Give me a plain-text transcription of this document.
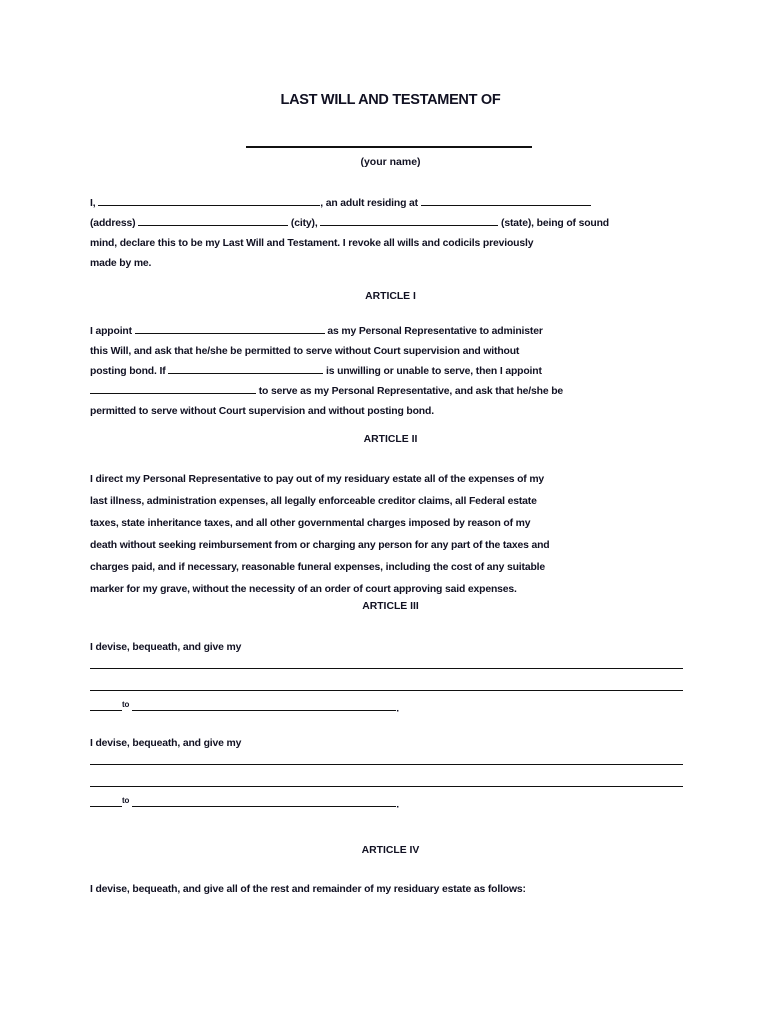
LAST WILL AND TESTAMENT OF
(your name)
I,	, an adult residing at
(address)	(city),	(state), being of sound
mind, declare this to be my Last Will and Testament. I revoke all wills and codicils previously
made by me.
ARTICLE I
I appoint	as my Personal Representative to administer
this Will, and ask that he/she be permitted to serve without Court supervision and without
posting bond. If	is unwilling or unable to serve, then I appoint
to serve as my Personal Representative, and ask that he/she be
permitted to serve without Court supervision and without posting bond.
ARTICLE II
I direct my Personal Representative to pay out of my residuary estate all of the expenses of my
last illness, administration expenses, all legally enforceable creditor claims, all Federal estate
taxes, state inheritance taxes, and all other governmental charges imposed by reason of my
death without seeking reimbursement from or charging any person for any part of the taxes and
charges paid, and if necessary, reasonable funeral expenses, including the cost of any suitable
marker for my grave, without the necessity of an order of court approving said expenses.
ARTICLE III
I devise, bequeath, and give my
$^{to}$	.
I devise, bequeath, and give my
$^{to}$	.
ARTICLE IV
I devise, bequeath, and give all of the rest and remainder of my residuary estate as follows:
